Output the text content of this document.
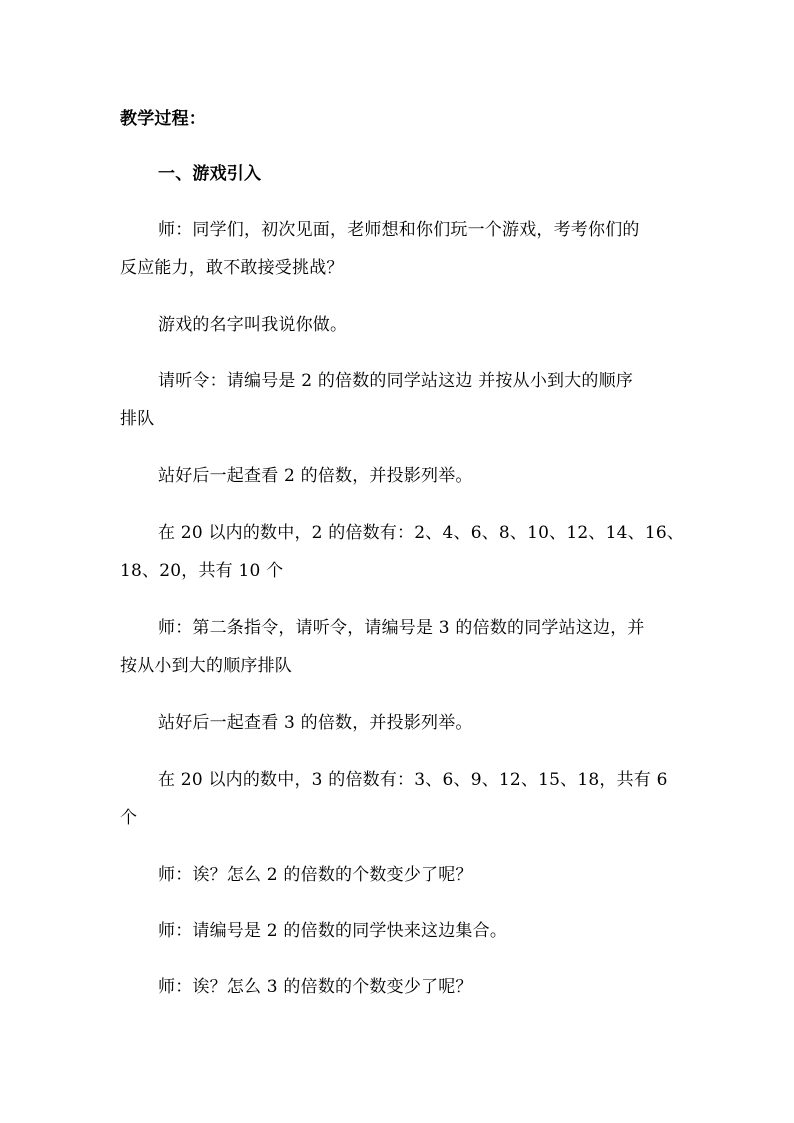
教学过程：
一、游戏引入
师：同学们，初次见面，老师想和你们玩一个游戏，考考你们的
反应能力，敢不敢接受挑战？
游戏的名字叫我说你做。
请听令：请编号是 2 的倍数的同学站这边 并按从小到大的顺序
排队
站好后一起查看 2 的倍数，并投影列举。
在 20 以内的数中，2 的倍数有：2、4、6、8、10、12、14、16、
18、20，共有 10 个
师：第二条指令，请听令，请编号是 3 的倍数的同学站这边，并
按从小到大的顺序排队
站好后一起查看 3 的倍数，并投影列举。
在 20 以内的数中，3 的倍数有：3、6、9、12、15、18，共有 6
个
师：诶？怎么 2 的倍数的个数变少了呢？
师：请编号是 2 的倍数的同学快来这边集合。
师：诶？怎么 3 的倍数的个数变少了呢？
